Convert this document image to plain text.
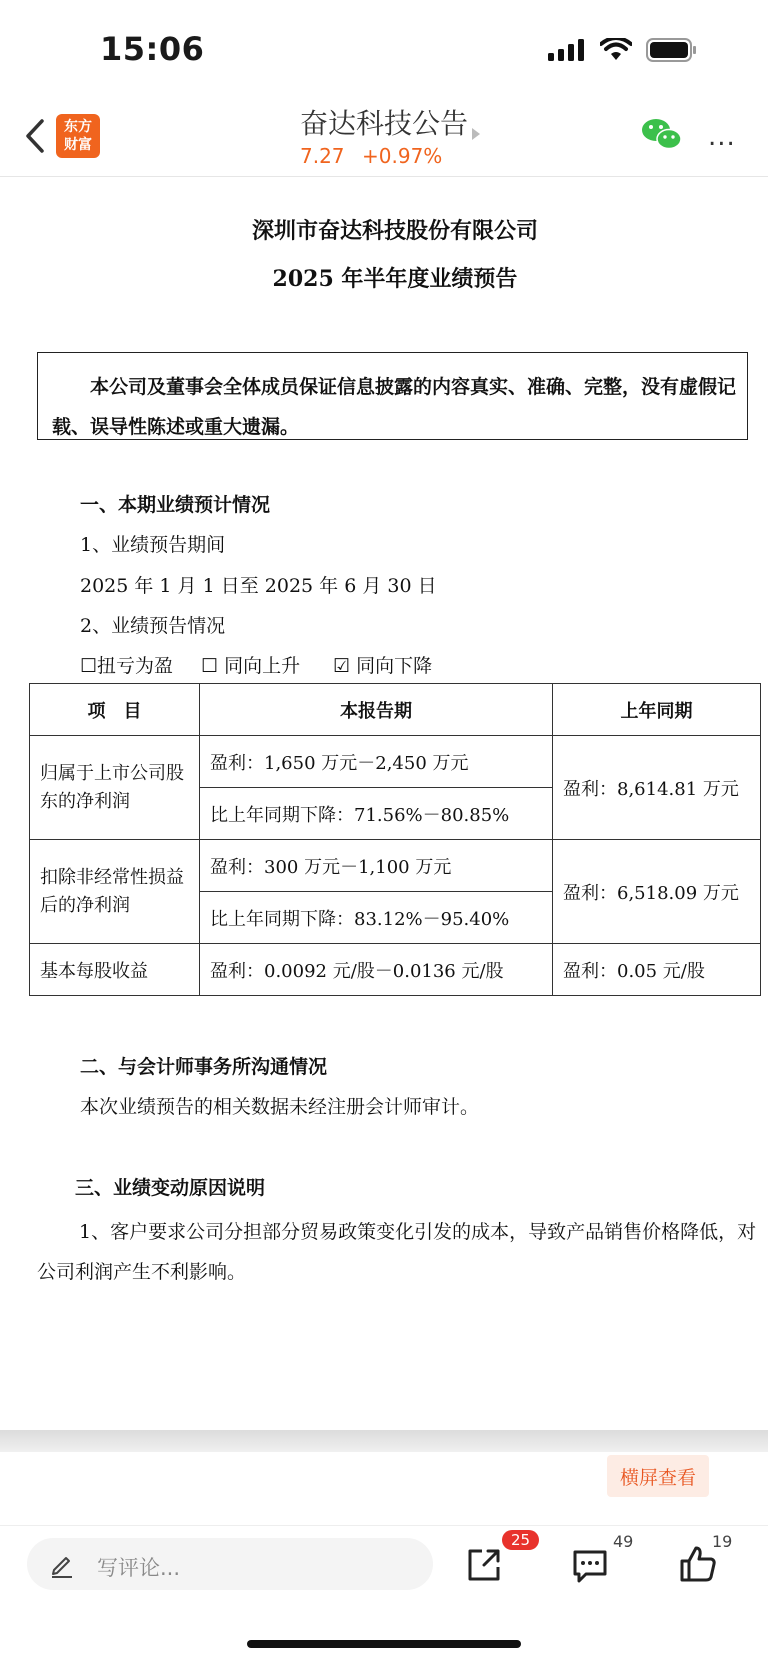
15:06
东方
财富
奋达科技公告
7.27 +0.97%
...
深圳市奋达科技股份有限公司
2025 年半年度业绩预告
本公司及董事会全体成员保证信息披露的内容真实、准确、完整，没有虚假记载、误导性陈述或重大遗漏。
一、本期业绩预计情况
1、业绩预告期间
2025 年 1 月 1 日至 2025 年 6 月 30 日
2、业绩预告情况
☐扭亏为盈 ☐ 同向上升 ☑ 同向下降
项　目	本报告期	上年同期
归属于上市公司股东的净利润	盈利：1,650 万元－2,450 万元	盈利：8,614.81 万元
	比上年同期下降：71.56%－80.85%	
扣除非经常性损益后的净利润	盈利：300 万元－1,100 万元	盈利：6,518.09 万元
	比上年同期下降：83.12%－95.40%	
基本每股收益	盈利：0.0092 元/股－0.0136 元/股	盈利：0.05 元/股
二、与会计师事务所沟通情况
本次业绩预告的相关数据未经注册会计师审计。
三、业绩变动原因说明
1、客户要求公司分担部分贸易政策变化引发的成本，导致产品销售价格降低，对公司利润产生不利影响。
横屏查看
写评论...
25	49	19
